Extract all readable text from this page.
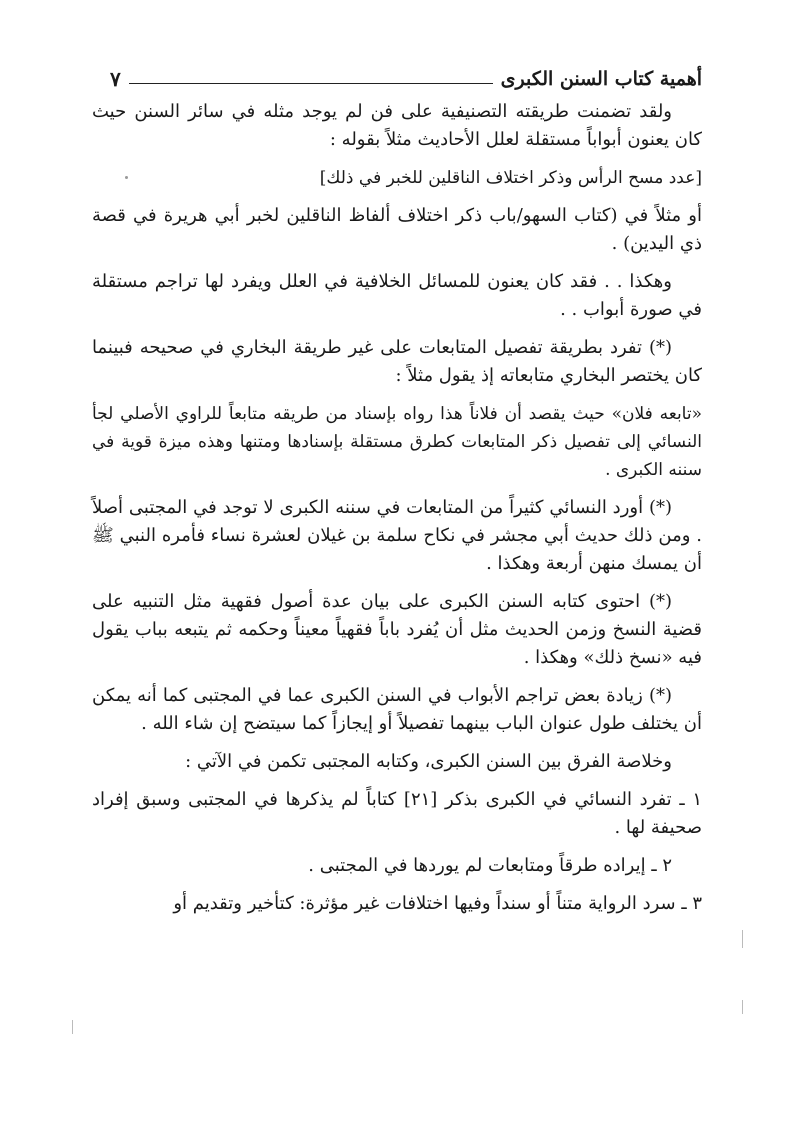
أهمية كتاب السنن الكبرى
٧

ولقد تضمنت طريقته التصنيفية على فن لم يوجد مثله في سائر السنن حيث كان يعنون أبواباً مستقلة لعلل الأحاديث مثلاً بقوله :

[عدد مسح الرأس وذكر اختلاف الناقلين للخبر في ذلك]

أو مثلاً في (كتاب السهو/باب ذكر اختلاف ألفاظ الناقلين لخبر أبي هريرة في قصة ذي اليدين) .

وهكذا . . فقد كان يعنون للمسائل الخلافية في العلل ويفرد لها تراجم مستقلة في صورة أبواب . .

(*) تفرد بطريقة تفصيل المتابعات على غير طريقة البخاري في صحيحه فبينما كان يختصر البخاري متابعاته إذ يقول مثلاً :

«تابعه فلان» حيث يقصد أن فلاناً هذا رواه بإسناد من طريقه متابعاً للراوي الأصلي لجأ النسائي إلى تفصيل ذكر المتابعات كطرق مستقلة بإسنادها ومتنها وهذه ميزة قوية في سننه الكبرى .

(*) أورد النسائي كثيراً من المتابعات في سننه الكبرى لا توجد في المجتبى أصلاً . ومن ذلك حديث أبي مجشر في نكاح سلمة بن غيلان لعشرة نساء فأمره النبي ﷺ أن يمسك منهن أربعة وهكذا .

(*) احتوى كتابه السنن الكبرى على بيان عدة أصول فقهية مثل التنبيه على قضية النسخ وزمن الحديث مثل أن يُفرد باباً فقهياً معيناً وحكمه ثم يتبعه بباب يقول فيه «نسخ ذلك» وهكذا .

(*) زيادة بعض تراجم الأبواب في السنن الكبرى عما في المجتبى كما أنه يمكن أن يختلف طول عنوان الباب بينهما تفصيلاً أو إيجازاً كما سيتضح إن شاء الله .

وخلاصة الفرق بين السنن الكبرى، وكتابه المجتبى تكمن في الآتي :

١ ـ تفرد النسائي في الكبرى بذكر [٢١] كتاباً لم يذكرها في المجتبى وسبق إفراد صحيفة لها .

٢ ـ إيراده طرقاً ومتابعات لم يوردها في المجتبى .

٣ ـ سرد الرواية متناً أو سنداً وفيها اختلافات غير مؤثرة: كتأخير وتقديم أو
